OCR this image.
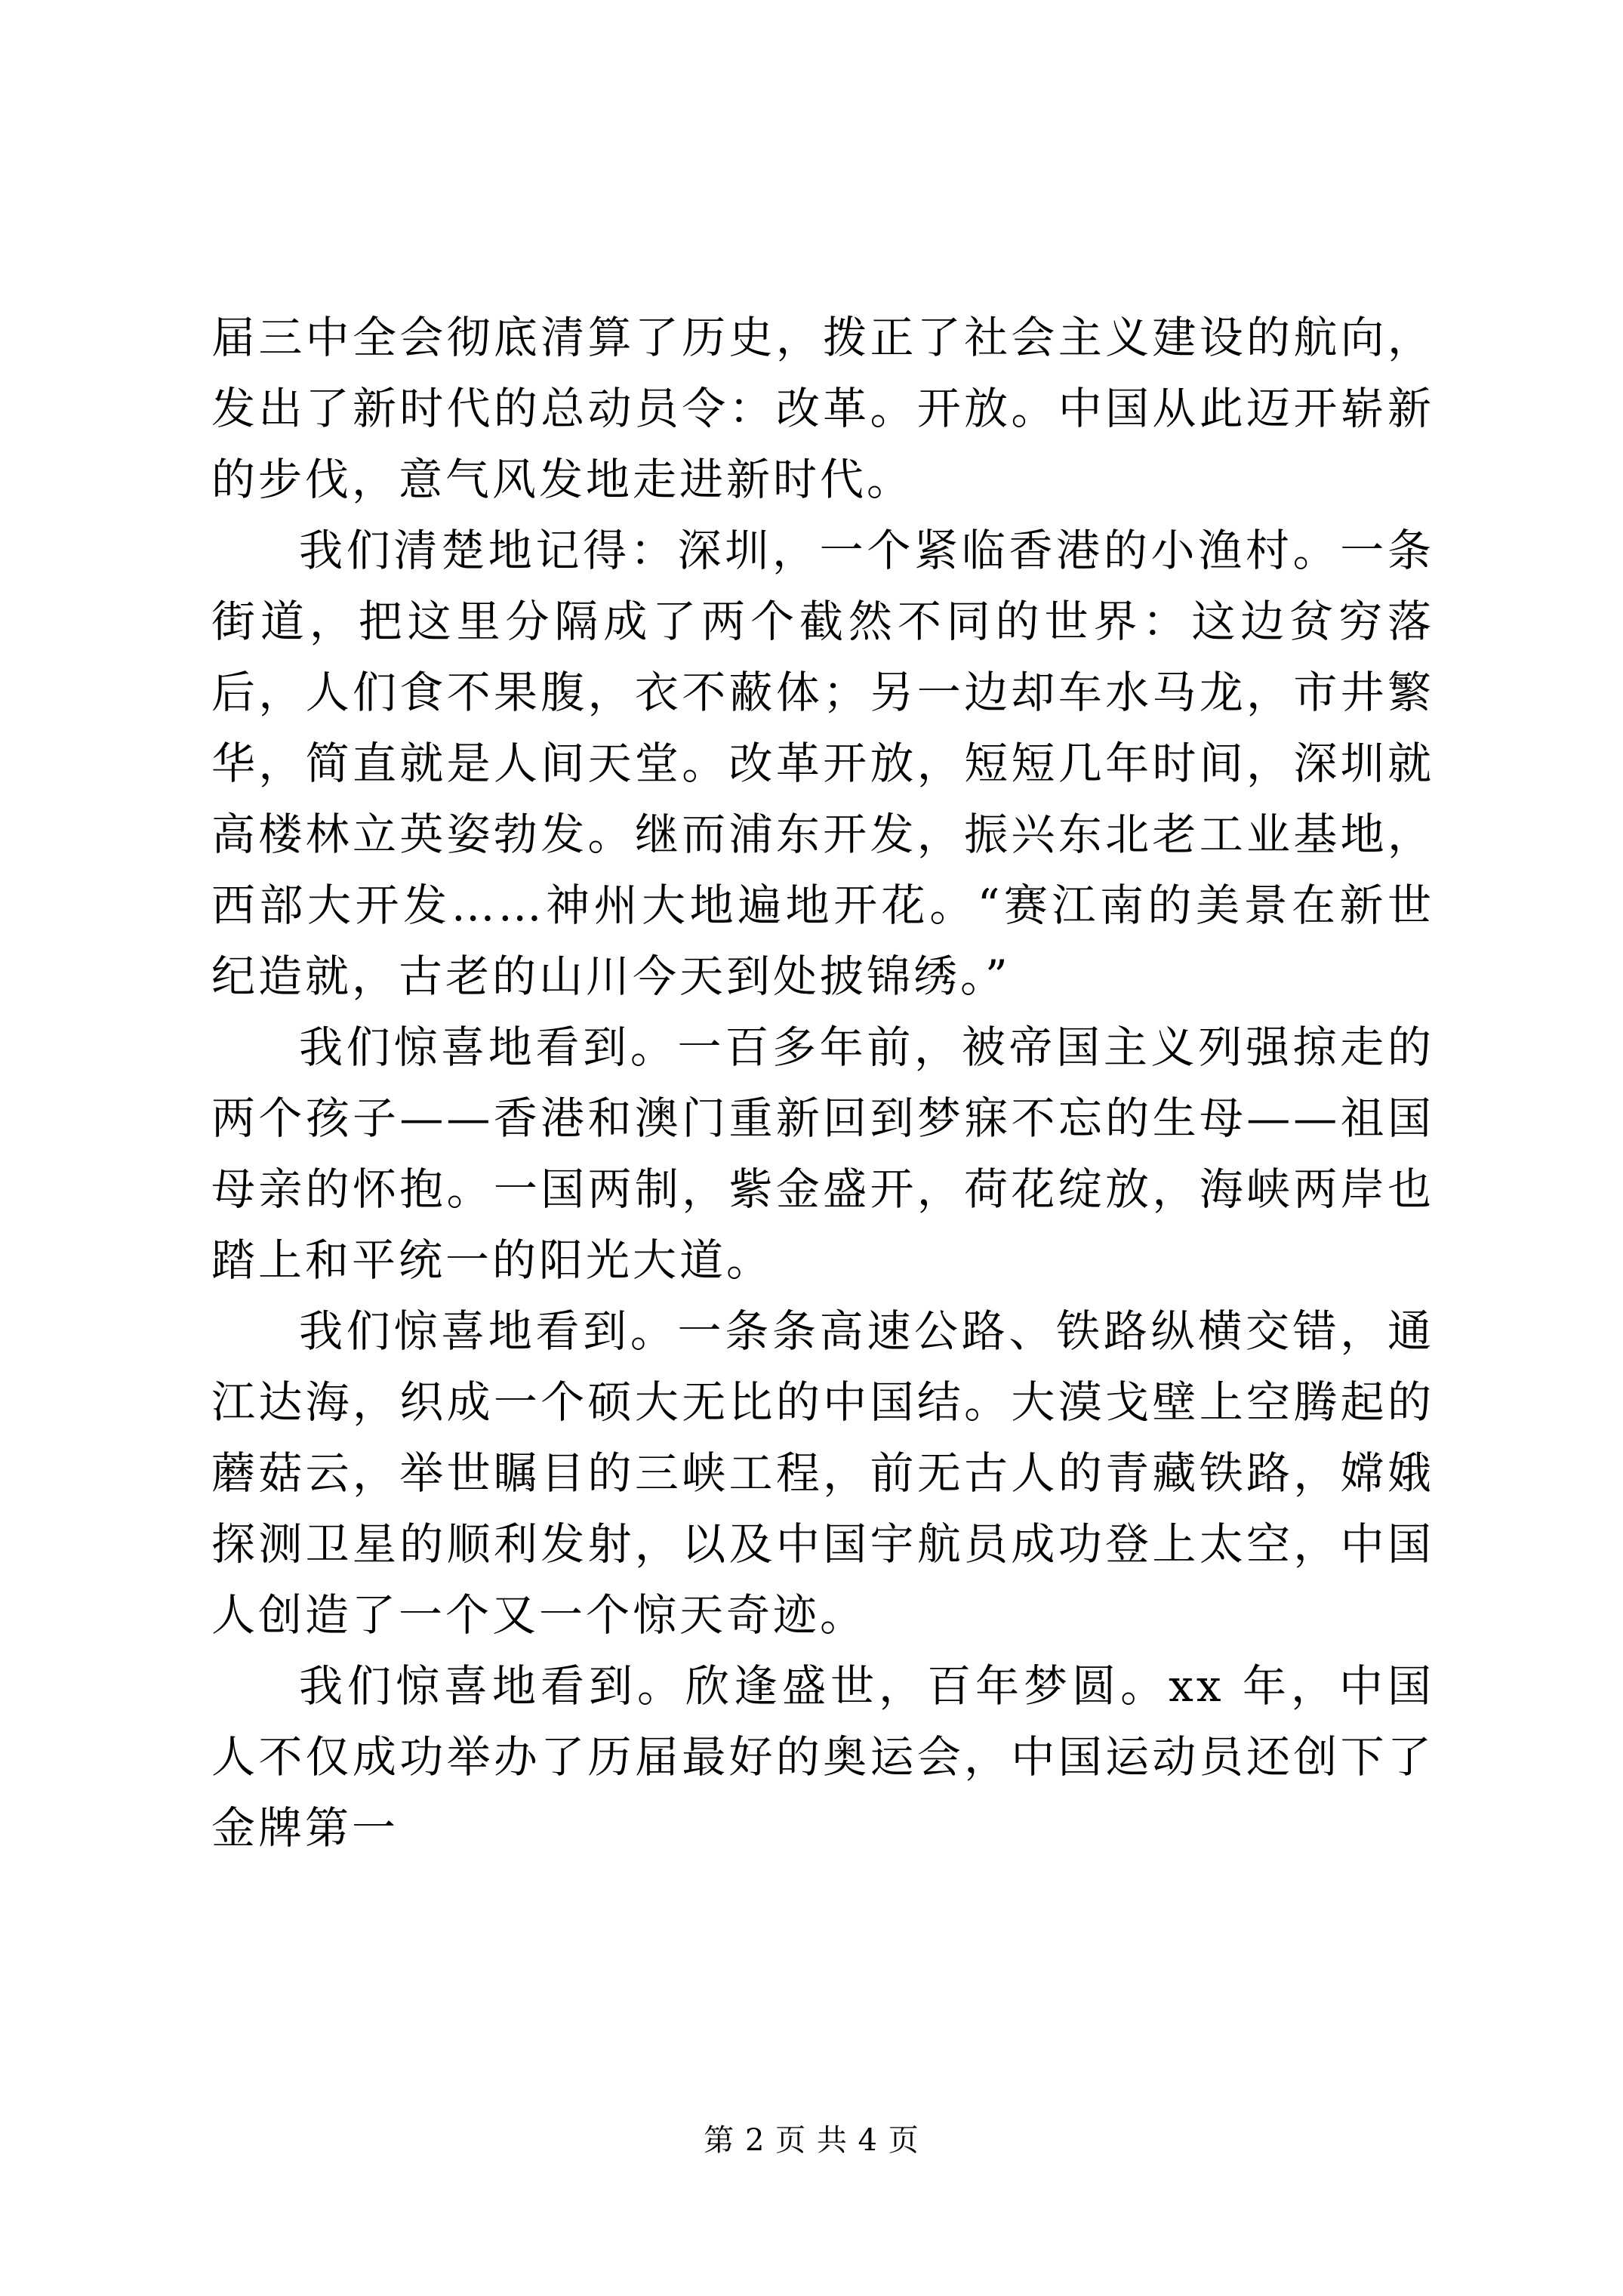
届三中全会彻底清算了历史，拨正了社会主义建设的航向，发出了新时代的总动员令：改革。开放。中国从此迈开崭新的步伐，意气风发地走进新时代。

我们清楚地记得：深圳，一个紧临香港的小渔村。一条街道，把这里分隔成了两个截然不同的世界：这边贫穷落后，人们食不果腹，衣不蔽体；另一边却车水马龙，市井繁华，简直就是人间天堂。改革开放，短短几年时间，深圳就高楼林立英姿勃发。继而浦东开发，振兴东北老工业基地，西部大开发……神州大地遍地开花。“赛江南的美景在新世纪造就，古老的山川今天到处披锦绣。”

我们惊喜地看到。一百多年前，被帝国主义列强掠走的两个孩子——香港和澳门重新回到梦寐不忘的生母——祖国母亲的怀抱。一国两制，紫金盛开，荷花绽放，海峡两岸也踏上和平统一的阳光大道。

我们惊喜地看到。一条条高速公路、铁路纵横交错，通江达海，织成一个硕大无比的中国结。大漠戈壁上空腾起的蘑菇云，举世瞩目的三峡工程，前无古人的青藏铁路，嫦娥探测卫星的顺利发射，以及中国宇航员成功登上太空，中国人创造了一个又一个惊天奇迹。

我们惊喜地看到。欣逢盛世，百年梦圆。xx 年，中国人不仅成功举办了历届最好的奥运会，中国运动员还创下了金牌第一

第 2 页 共 4 页
